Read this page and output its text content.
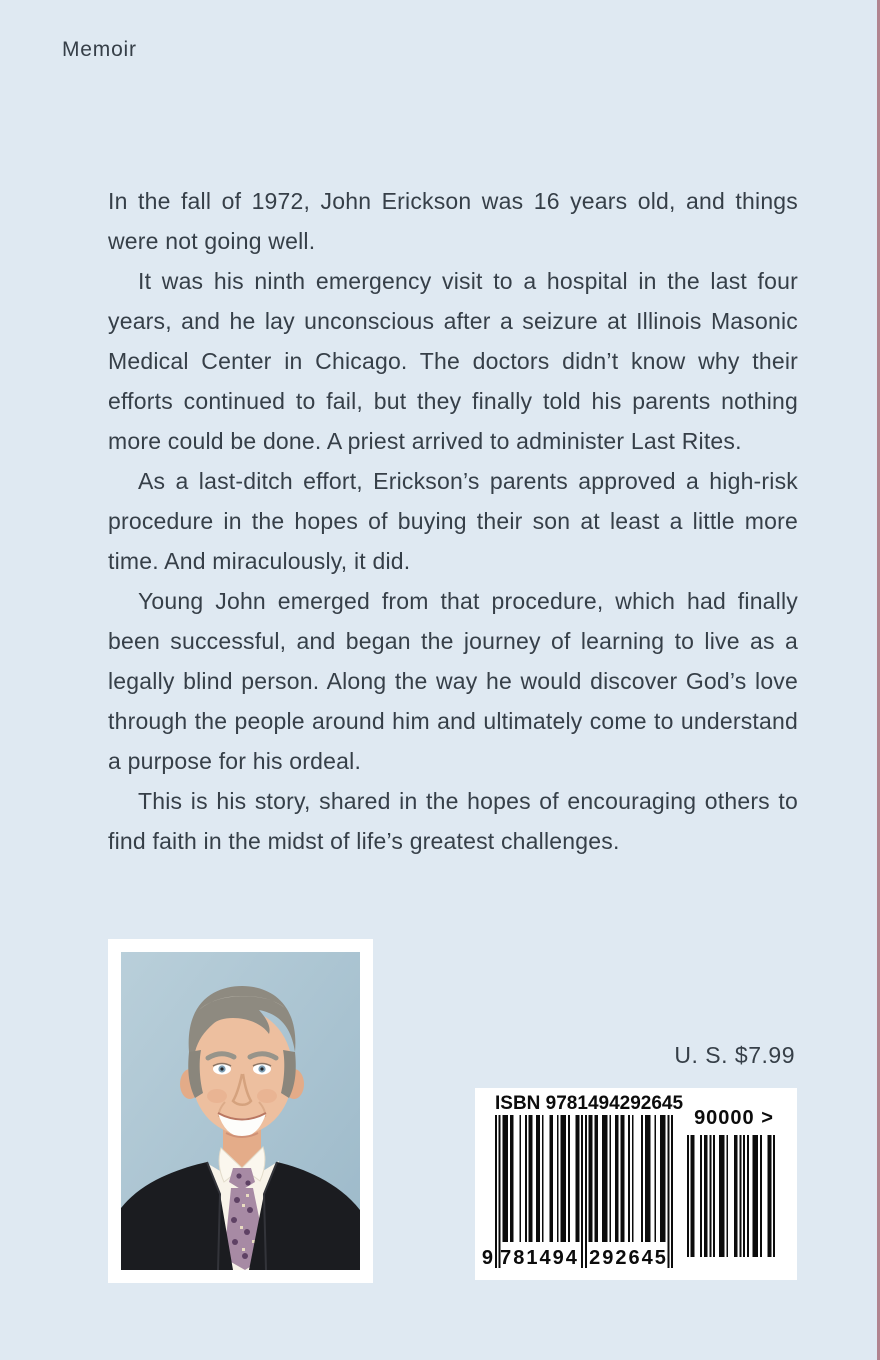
Memoir

In the fall of 1972, John Erickson was 16 years old, and things were not going well.

It was his ninth emergency visit to a hospital in the last four years, and he lay unconscious after a seizure at Illinois Masonic Medical Center in Chicago. The doctors didn’t know why their efforts continued to fail, but they finally told his parents nothing more could be done. A priest arrived to administer Last Rites.

As a last-ditch effort, Erickson’s parents approved a high-risk procedure in the hopes of buying their son at least a little more time. And miraculously, it did.

Young John emerged from that procedure, which had finally been successful, and began the journey of learning to live as a legally blind person. Along the way he would discover God’s love through the people around him and ultimately come to understand a purpose for his ordeal.

This is his story, shared in the hopes of encouraging others to find faith in the midst of life’s greatest challenges.

U. S. $7.99
ISBN 9781494292645
9 781494 292645
90000 >
